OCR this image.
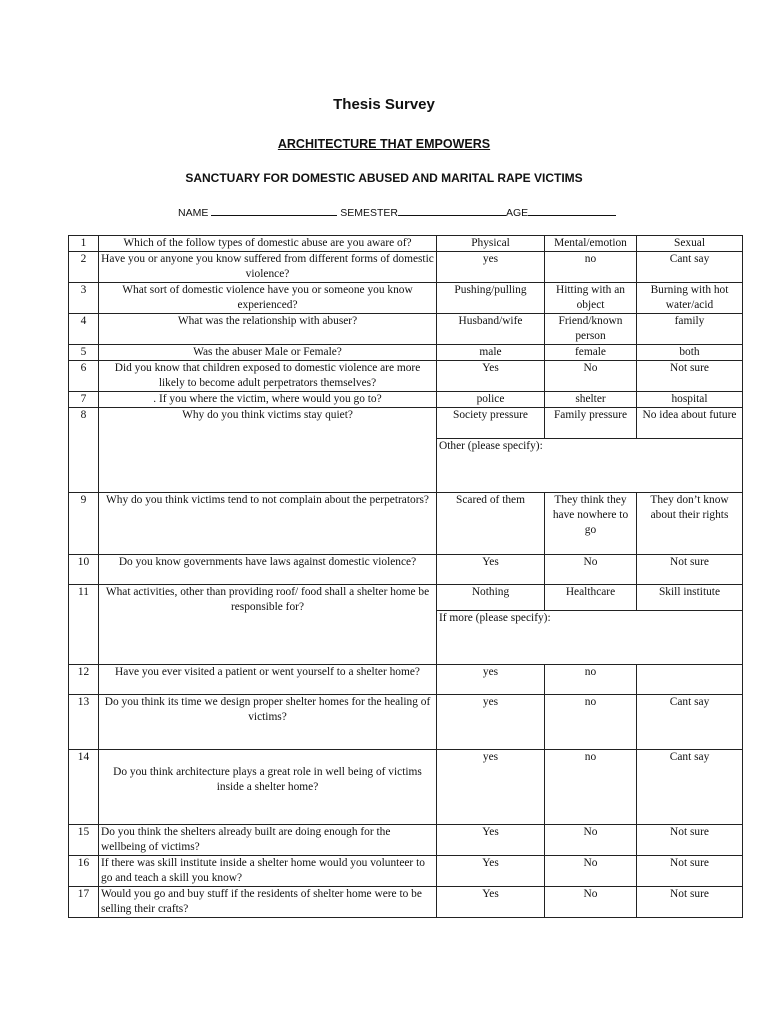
Thesis Survey
ARCHITECTURE THAT EMPOWERS
SANCTUARY FOR DOMESTIC ABUSED AND MARITAL RAPE VICTIMS
NAME	SEMESTER	AGE
1	Which of the follow types of domestic abuse are you aware of?	Physical	Mental/emotion	Sexual
2	Have you or anyone you know suffered from different forms of domestic violence?	yes	no	Cant say
3	What sort of domestic violence have you or someone you know experienced?	Pushing/pulling	Hitting with an object	Burning with hot water/acid
4	What was the relationship with abuser?	Husband/wife	Friend/known person	family
5	Was the abuser Male or Female?	male	female	both
6	Did you know that children exposed to domestic violence are more likely to become adult perpetrators themselves?	Yes	No	Not sure
7	. If you where the victim, where would you go to?	police	shelter	hospital
8	Why do you think victims stay quiet?	Society pressure	Family pressure	No idea about future
		Other (please specify):		
9	Why do you think victims tend to not complain about the perpetrators?	Scared of them	They think they have nowhere to go	They don’t know about their rights
10	Do you know governments have laws against domestic violence?	Yes	No	Not sure
11	What activities, other than providing roof/ food shall a shelter home be responsible for?	Nothing	Healthcare	Skill institute
		If more (please specify):		
12	Have you ever visited a patient or went yourself to a shelter home?	yes	no	
13	Do you think its time we design proper shelter homes for the healing of victims?	yes	no	Cant say
14	Do you think architecture plays a great role in well being of victims inside a shelter home?	yes	no	Cant say
15	Do you think the shelters already built are doing enough for the wellbeing of victims?	Yes	No	Not sure
16	If there was skill institute inside a shelter home would you volunteer to go and teach a skill you know?	Yes	No	Not sure
17	Would you go and buy stuff if the residents of shelter home were to be selling their crafts?	Yes	No	Not sure
